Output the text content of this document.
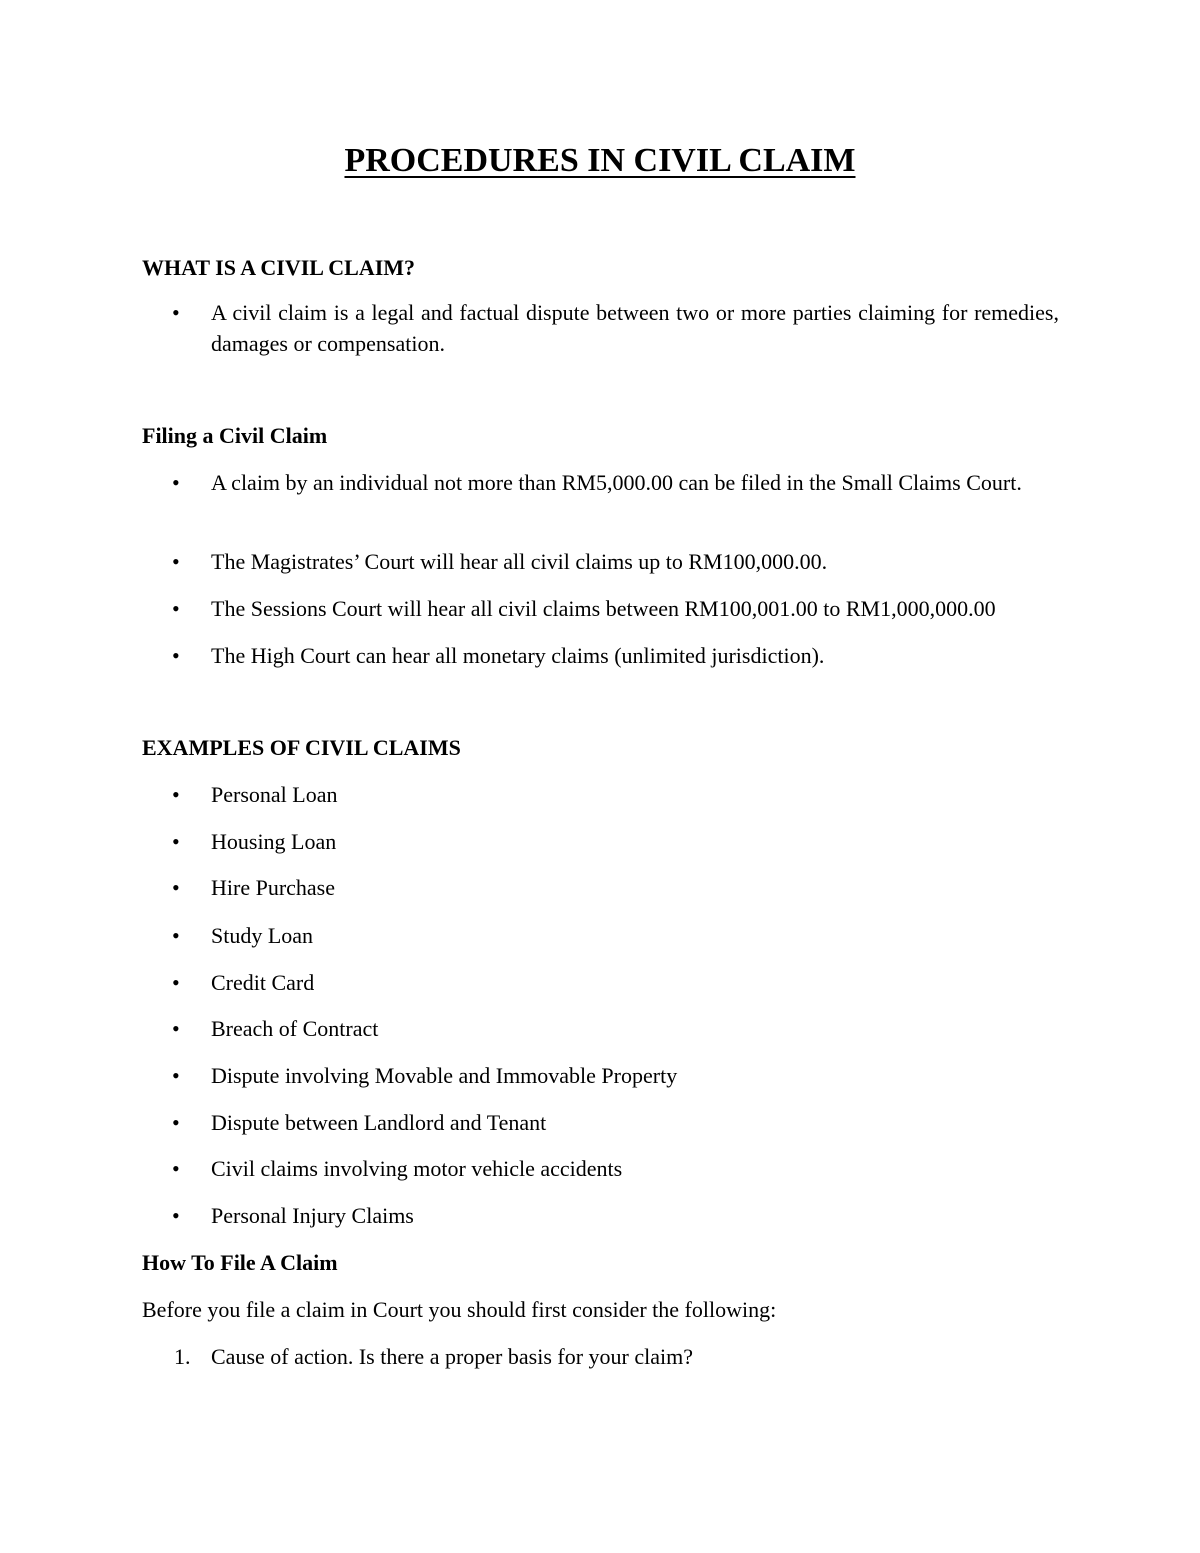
PROCEDURES IN CIVIL CLAIM
WHAT IS A CIVIL CLAIM?
•	A civil claim is a legal and factual dispute between two or more parties claiming for remedies, damages or compensation.
Filing a Civil Claim
•	A claim by an individual not more than RM5,000.00 can be filed in the Small Claims Court.
•	The Magistrates’ Court will hear all civil claims up to RM100,000.00.
•	The Sessions Court will hear all civil claims between RM100,001.00 to RM1,000,000.00
•	The High Court can hear all monetary claims (unlimited jurisdiction).
EXAMPLES OF CIVIL CLAIMS
•	Personal Loan
•	Housing Loan
•	Hire Purchase
•	Study Loan
•	Credit Card
•	Breach of Contract
•	Dispute involving Movable and Immovable Property
•	Dispute between Landlord and Tenant
•	Civil claims involving motor vehicle accidents
•	Personal Injury Claims
How To File A Claim
Before you file a claim in Court you should first consider the following:
1. Cause of action. Is there a proper basis for your claim?
